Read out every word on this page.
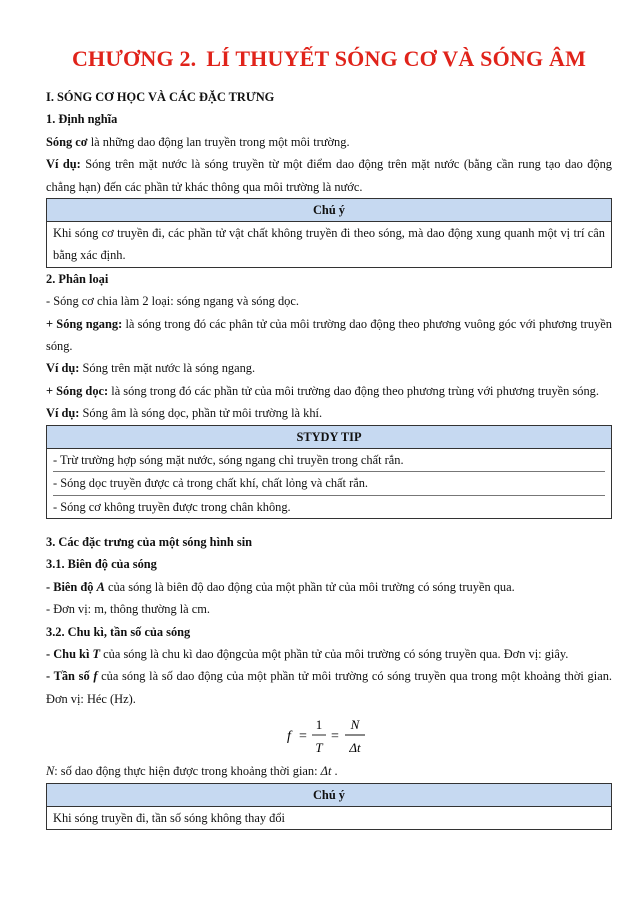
CHƯƠNG 2. LÍ THUYẾT SÓNG CƠ VÀ SÓNG ÂM

I. SÓNG CƠ HỌC VÀ CÁC ĐẶC TRƯNG

1. Định nghĩa

Sóng cơ là những dao động lan truyền trong một môi trường.

Ví dụ: Sóng trên mặt nước là sóng truyền từ một điểm dao động trên mặt nước (bằng cần rung tạo dao động chẳng hạn) đến các phần tử khác thông qua môi trường là nước.

Chú ý

Khi sóng cơ truyền đi, các phần tử vật chất không truyền đi theo sóng, mà dao động xung quanh một vị trí cân bằng xác định.

2. Phân loại

- Sóng cơ chia làm 2 loại: sóng ngang và sóng dọc.

+ Sóng ngang: là sóng trong đó các phân tử của môi trường dao động theo phương vuông góc với phương truyền sóng.

Ví dụ: Sóng trên mặt nước là sóng ngang.

+ Sóng dọc: là sóng trong đó các phần tử của môi trường dao động theo phương trùng với phương truyền sóng.

Ví dụ: Sóng âm là sóng dọc, phần tử môi trường là khí.

STYDY TIP

- Trừ trường hợp sóng mặt nước, sóng ngang chỉ truyền trong chất rắn.

- Sóng dọc truyền được cả trong chất khí, chất lỏng và chất rắn.

- Sóng cơ không truyền được trong chân không.

3. Các đặc trưng của một sóng hình sin

3.1. Biên độ của sóng

- Biên độ A của sóng là biên độ dao động của một phần tử của môi trường có sóng truyền qua.

- Đơn vị: m, thông thường là cm.

3.2. Chu kì, tần số của sóng

- Chu kì T của sóng là chu kì dao độngcủa một phần tử của môi trường có sóng truyền qua. Đơn vị: giây.

- Tần số f của sóng là số dao động của một phần tử môi trường có sóng truyền qua trong một khoảng thời gian. Đơn vị: Héc (Hz).

f =
1
T
=
N
Δt

N: số dao động thực hiện được trong khoảng thời gian: Δt .

Chú ý

Khi sóng truyền đi, tần số sóng không thay đổi
